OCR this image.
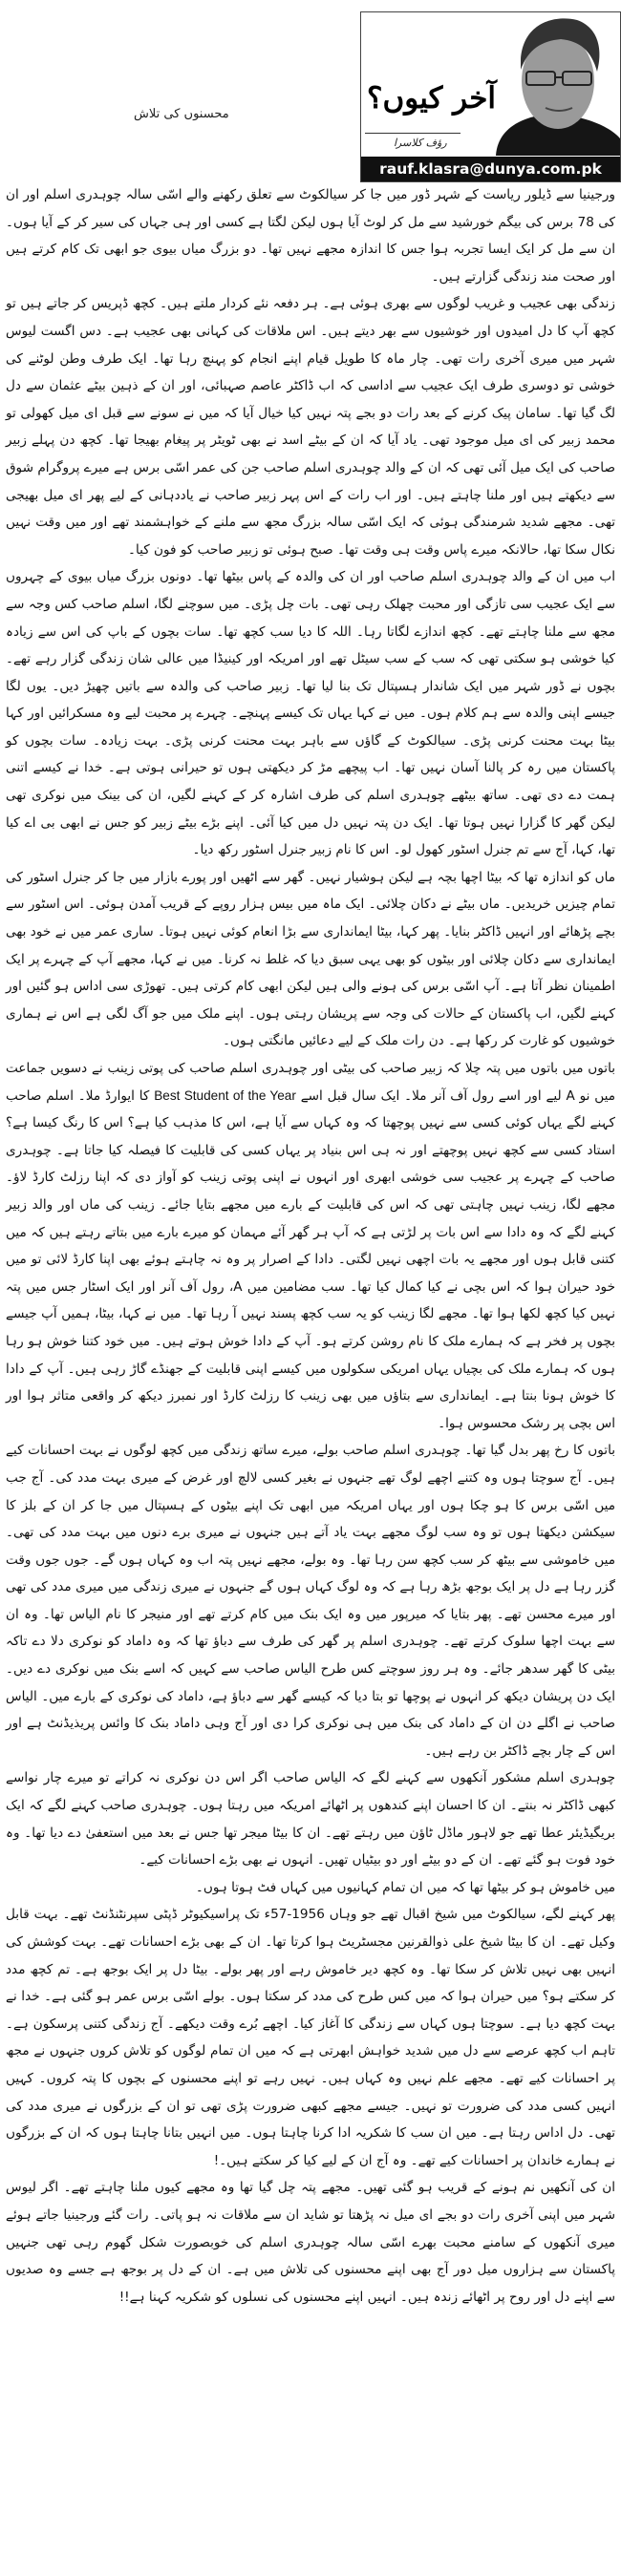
محسنوں کی تلاش	آخر کیوں؟
رؤف کلاسرا
rauf.klasra@dunya.com.pk

ورجینیا سے ڈیلور ریاست کے شہر ڈور میں جا کر سیالکوٹ سے تعلق رکھنے والے اسّی سالہ چوہدری اسلم اور ان کی 78 برس کی بیگم خورشید سے مل کر لوٹ آیا ہوں لیکن لگتا ہے کسی اور ہی جہاں کی سیر کر کے آیا ہوں۔ ان سے مل کر ایک ایسا تجربہ ہوا جس کا اندازہ مجھے نہیں تھا۔ دو بزرگ میاں بیوی جو ابھی تک کام کرتے ہیں اور صحت مند زندگی گزارتے ہیں۔

زندگی بھی عجیب و غریب لوگوں سے بھری ہوئی ہے۔ ہر دفعہ نئے کردار ملتے ہیں۔ کچھ ڈپریس کر جاتے ہیں تو کچھ آپ کا دل امیدوں اور خوشیوں سے بھر دیتے ہیں۔ اس ملاقات کی کہانی بھی عجیب ہے۔ دس اگست لیوس شہر میں میری آخری رات تھی۔ چار ماہ کا طویل قیام اپنے انجام کو پہنچ رہا تھا۔ ایک طرف وطن لوٹنے کی خوشی تو دوسری طرف ایک عجیب سے اداسی کہ اب ڈاکٹر عاصم صہبائی، اور ان کے ذہین بیٹے عثمان سے دل لگ گیا تھا۔ سامان پیک کرنے کے بعد رات دو بجے پتہ نہیں کیا خیال آیا کہ میں نے سونے سے قبل ای میل کھولی تو محمد زبیر کی ای میل موجود تھی۔ یاد آیا کہ ان کے بیٹے اسد نے بھی ٹویٹر پر پیغام بھیجا تھا۔ کچھ دن پہلے زبیر صاحب کی ایک میل آئی تھی کہ ان کے والد چوہدری اسلم صاحب جن کی عمر اسّی برس ہے میرے پروگرام شوق سے دیکھتے ہیں اور ملنا چاہتے ہیں۔ اور اب رات کے اس پہر زبیر صاحب نے یاددہانی کے لیے پھر ای میل بھیجی تھی۔ مجھے شدید شرمندگی ہوئی کہ ایک اسّی سالہ بزرگ مجھ سے ملنے کے خواہشمند تھے اور میں وقت نہیں نکال سکا تھا، حالانکہ میرے پاس وقت ہی وقت تھا۔ صبح ہوئی تو زبیر صاحب کو فون کیا۔

اب میں ان کے والد چوہدری اسلم صاحب اور ان کی والدہ کے پاس بیٹھا تھا۔ دونوں بزرگ میاں بیوی کے چہروں سے ایک عجیب سی تازگی اور محبت چھلک رہی تھی۔ بات چل پڑی۔ میں سوچنے لگا، اسلم صاحب کس وجہ سے مجھ سے ملنا چاہتے تھے۔ کچھ اندازے لگاتا رہا۔ اللہ کا دیا سب کچھ تھا۔ سات بچوں کے باپ کی اس سے زیادہ کیا خوشی ہو سکتی تھی کہ سب کے سب سیٹل تھے اور امریکہ اور کینیڈا میں عالی شان زندگی گزار رہے تھے۔ بچوں نے ڈور شہر میں ایک شاندار ہسپتال تک بنا لیا تھا۔ زبیر صاحب کی والدہ سے باتیں چھیڑ دیں۔ یوں لگا جیسے اپنی والدہ سے ہم کلام ہوں۔ میں نے کہا یہاں تک کیسے پہنچے۔ چہرے پر محبت لیے وہ مسکرائیں اور کہا بیٹا بہت محنت کرنی پڑی۔ سیالکوٹ کے گاؤں سے باہر بہت محنت کرنی پڑی۔ بہت زیادہ۔ سات بچوں کو پاکستان میں رہ کر پالنا آسان نہیں تھا۔ اب پیچھے مڑ کر دیکھتی ہوں تو حیرانی ہوتی ہے۔ خدا نے کیسے اتنی ہمت دے دی تھی۔ ساتھ بیٹھے چوہدری اسلم کی طرف اشارہ کر کے کہنے لگیں، ان کی بینک میں نوکری تھی لیکن گھر کا گزارا نہیں ہوتا تھا۔ ایک دن پتہ نہیں دل میں کیا آئی۔ اپنے بڑے بیٹے زبیر کو جس نے ابھی بی اے کیا تھا، کہا، آج سے تم جنرل اسٹور کھول لو۔ اس کا نام زبیر جنرل اسٹور رکھ دیا۔

ماں کو اندازہ تھا کہ بیٹا اچھا بچہ ہے لیکن ہوشیار نہیں۔ گھر سے اٹھیں اور پورے بازار میں جا کر جنرل اسٹور کی تمام چیزیں خریدیں۔ ماں بیٹے نے دکان چلائی۔ ایک ماہ میں بیس ہزار روپے کے قریب آمدن ہوئی۔ اس اسٹور سے بچے پڑھائے اور انہیں ڈاکٹر بنایا۔ پھر کہا، بیٹا ایمانداری سے بڑا انعام کوئی نہیں ہوتا۔ ساری عمر میں نے خود بھی ایمانداری سے دکان چلائی اور بیٹوں کو بھی یہی سبق دیا کہ غلط نہ کرنا۔ میں نے کہا، مجھے آپ کے چہرے پر ایک اطمینان نظر آتا ہے۔ آپ اسّی برس کی ہونے والی ہیں لیکن ابھی کام کرتی ہیں۔ تھوڑی سی اداس ہو گئیں اور کہنے لگیں، اب پاکستان کے حالات کی وجہ سے پریشان رہتی ہوں۔ اپنے ملک میں جو آگ لگی ہے اس نے ہماری خوشیوں کو غارت کر رکھا ہے۔ دن رات ملک کے لیے دعائیں مانگتی ہوں۔

باتوں میں باتوں میں پتہ چلا کہ زبیر صاحب کی بیٹی اور چوہدری اسلم صاحب کی پوتی زینب نے دسویں جماعت میں نو A لیے اور اسے رول آف آنر ملا۔ ایک سال قبل اسے Best Student of the Year کا ایوارڈ ملا۔ اسلم صاحب کہنے لگے یہاں کوئی کسی سے نہیں پوچھتا کہ وہ کہاں سے آیا ہے، اس کا مذہب کیا ہے؟ اس کا رنگ کیسا ہے؟ استاد کسی سے کچھ نہیں پوچھتے اور نہ ہی اس بنیاد پر یہاں کسی کی قابلیت کا فیصلہ کیا جاتا ہے۔ چوہدری صاحب کے چہرے پر عجیب سی خوشی ابھری اور انہوں نے اپنی پوتی زینب کو آواز دی کہ اپنا رزلٹ کارڈ لاؤ۔ مجھے لگا، زینب نہیں چاہتی تھی کہ اس کی قابلیت کے بارے میں مجھے بتایا جائے۔ زینب کی ماں اور والد زبیر کہنے لگے کہ وہ دادا سے اس بات پر لڑتی ہے کہ آپ ہر گھر آئے مہمان کو میرے بارے میں بتاتے رہتے ہیں کہ میں کتنی قابل ہوں اور مجھے یہ بات اچھی نہیں لگتی۔ دادا کے اصرار پر وہ نہ چاہتے ہوئے بھی اپنا کارڈ لائی تو میں خود حیران ہوا کہ اس بچی نے کیا کمال کیا تھا۔ سب مضامین میں A، رول آف آنر اور ایک اسٹار جس میں پتہ نہیں کیا کچھ لکھا ہوا تھا۔ مجھے لگا زینب کو یہ سب کچھ پسند نہیں آ رہا تھا۔ میں نے کہا، بیٹا، ہمیں آپ جیسے بچوں پر فخر ہے کہ ہمارے ملک کا نام روشن کرتے ہو۔ آپ کے دادا خوش ہوتے ہیں۔ میں خود کتنا خوش ہو رہا ہوں کہ ہمارے ملک کی بچیاں یہاں امریکی سکولوں میں کیسے اپنی قابلیت کے جھنڈے گاڑ رہی ہیں۔ آپ کے دادا کا خوش ہونا بنتا ہے۔ ایمانداری سے بتاؤں میں بھی زینب کا رزلٹ کارڈ اور نمبرز دیکھ کر واقعی متاثر ہوا اور اس بچی پر رشک محسوس ہوا۔

باتوں کا رخ پھر بدل گیا تھا۔ چوہدری اسلم صاحب بولے، میرے ساتھ زندگی میں کچھ لوگوں نے بہت احسانات کیے ہیں۔ آج سوچتا ہوں وہ کتنے اچھے لوگ تھے جنہوں نے بغیر کسی لالچ اور غرض کے میری بہت مدد کی۔ آج جب میں اسّی برس کا ہو چکا ہوں اور یہاں امریکہ میں ابھی تک اپنے بیٹوں کے ہسپتال میں جا کر ان کے بلز کا سیکشن دیکھتا ہوں تو وہ سب لوگ مجھے بہت یاد آتے ہیں جنہوں نے میری برے دنوں میں بہت مدد کی تھی۔ میں خاموشی سے بیٹھ کر سب کچھ سن رہا تھا۔ وہ بولے، مجھے نہیں پتہ اب وہ کہاں ہوں گے۔ جوں جوں وقت گزر رہا ہے دل پر ایک بوجھ بڑھ رہا ہے کہ وہ لوگ کہاں ہوں گے جنہوں نے میری زندگی میں میری مدد کی تھی اور میرے محسن تھے۔ پھر بتایا کہ میرپور میں وہ ایک بنک میں کام کرتے تھے اور منیجر کا نام الیاس تھا۔ وہ ان سے بہت اچھا سلوک کرتے تھے۔ چوہدری اسلم پر گھر کی طرف سے دباؤ تھا کہ وہ داماد کو نوکری دلا دے تاکہ بیٹی کا گھر سدھر جائے۔ وہ ہر روز سوچتے کس طرح الیاس صاحب سے کہیں کہ اسے بنک میں نوکری دے دیں۔ ایک دن پریشان دیکھ کر انہوں نے پوچھا تو بتا دیا کہ کیسے گھر سے دباؤ ہے، داماد کی نوکری کے بارے میں۔ الیاس صاحب نے اگلے دن ان کے داماد کی بنک میں ہی نوکری کرا دی اور آج وہی داماد بنک کا وائس پریذیڈنٹ ہے اور اس کے چار بچے ڈاکٹر بن رہے ہیں۔

چوہدری اسلم مشکور آنکھوں سے کہنے لگے کہ الیاس صاحب اگر اس دن نوکری نہ کراتے تو میرے چار نواسے کبھی ڈاکٹر نہ بنتے۔ ان کا احسان اپنے کندھوں پر اٹھائے امریکہ میں رہتا ہوں۔ چوہدری صاحب کہنے لگے کہ ایک بریگیڈیئر عطا تھے جو لاہور ماڈل ٹاؤن میں رہتے تھے۔ ان کا بیٹا میجر تھا جس نے بعد میں استعفیٰ دے دیا تھا۔ وہ خود فوت ہو گئے تھے۔ ان کے دو بیٹے اور دو بیٹیاں تھیں۔ انہوں نے بھی بڑے احسانات کیے۔

میں خاموش ہو کر بیٹھا تھا کہ میں ان تمام کہانیوں میں کہاں فٹ ہوتا ہوں۔

پھر کہنے لگے، سیالکوٹ میں شیخ اقبال تھے جو وہاں 1956-57ء تک پراسیکیوٹر ڈپٹی سپرنٹنڈنٹ تھے۔ بہت قابل وکیل تھے۔ ان کا بیٹا شیخ علی ذوالقرنین مجسٹریٹ ہوا کرتا تھا۔ ان کے بھی بڑے احسانات تھے۔ بہت کوشش کی انہیں بھی نہیں تلاش کر سکا تھا۔ وہ کچھ دیر خاموش رہے اور پھر بولے۔ بیٹا دل پر ایک بوجھ ہے۔ تم کچھ مدد کر سکتے ہو؟ میں حیران ہوا کہ میں کس طرح کی مدد کر سکتا ہوں۔ بولے اسّی برس عمر ہو گئی ہے۔ خدا نے بہت کچھ دیا ہے۔ سوچتا ہوں کہاں سے زندگی کا آغاز کیا۔ اچھے بُرے وقت دیکھے۔ آج زندگی کتنی پرسکون ہے۔ تاہم اب کچھ عرصے سے دل میں شدید خواہش ابھرتی ہے کہ میں ان تمام لوگوں کو تلاش کروں جنہوں نے مجھ پر احسانات کیے تھے۔ مجھے علم نہیں وہ کہاں ہیں۔ نہیں رہے تو اپنے محسنوں کے بچوں کا پتہ کروں۔ کہیں انہیں کسی مدد کی ضرورت تو نہیں۔ جیسے مجھے کبھی ضرورت پڑی تھی تو ان کے بزرگوں نے میری مدد کی تھی۔ دل اداس رہتا ہے۔ میں ان سب کا شکریہ ادا کرنا چاہتا ہوں۔ میں انہیں بتانا چاہتا ہوں کہ ان کے بزرگوں نے ہمارے خاندان پر احسانات کیے تھے۔ وہ آج ان کے لیے کیا کر سکتے ہیں۔!

ان کی آنکھیں نم ہونے کے قریب ہو گئی تھیں۔ مجھے پتہ چل گیا تھا وہ مجھے کیوں ملنا چاہتے تھے۔ اگر لیوس شہر میں اپنی آخری رات دو بجے ای میل نہ پڑھتا تو شاید ان سے ملاقات نہ ہو پاتی۔ رات گئے ورجینیا جاتے ہوئے میری آنکھوں کے سامنے محبت بھرے اسّی سالہ چوہدری اسلم کی خوبصورت شکل گھوم رہی تھی جنہیں پاکستان سے ہزاروں میل دور آج بھی اپنے محسنوں کی تلاش میں ہے۔ ان کے دل پر بوجھ ہے جسے وہ صدیوں سے اپنے دل اور روح پر اٹھائے زندہ ہیں۔ انہیں اپنے محسنوں کی نسلوں کو شکریہ کہنا ہے!!
